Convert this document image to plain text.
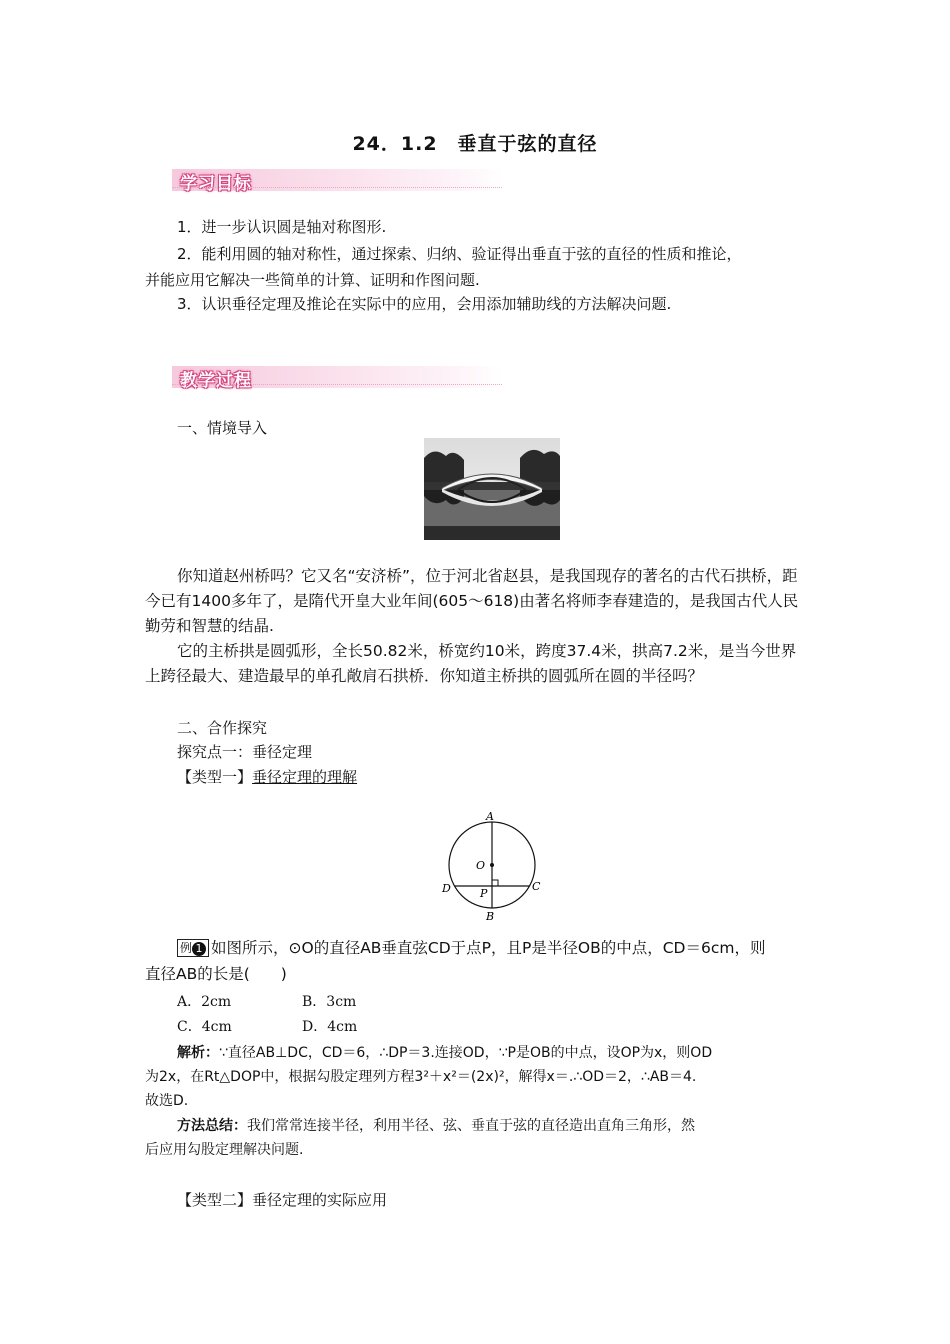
24．1.2　垂直于弦的直径
学习目标
1．进一步认识圆是轴对称图形.
2．能利用圆的轴对称性，通过探索、归纳、验证得出垂直于弦的直径的性质和推论，
并能应用它解决一些简单的计算、证明和作图问题.
3．认识垂径定理及推论在实际中的应用，会用添加辅助线的方法解决问题.
教学过程
一、情境导入
你知道赵州桥吗？它又名“安济桥”，位于河北省赵县，是我国现存的著名的古代石拱桥，距今已有1400多年了，是隋代开皇大业年间(605～618)由著名将师李春建造的，是我国古代人民勤劳和智慧的结晶.
它的主桥拱是圆弧形，全长50.82米，桥宽约10米，跨度37.4米，拱高7.2米，是当今世界上跨径最大、建造最早的单孔敞肩石拱桥．你知道主桥拱的圆弧所在圆的半径吗？
二、合作探究
探究点一：垂径定理
【类型一】垂径定理的理解
A
O
D	P
C
B
例 1 如图所示，⊙O的直径AB垂直弦CD于点P，且P是半径OB的中点，CD＝6cm，则
直径AB的长是(　　)
A．2cm	B．3cm
C．4cm	D．4cm
解析：∵直径AB⊥DC，CD＝6，∴DP＝3.连接OD，∵P是OB的中点，设OP为x，则OD
为2x，在Rt△DOP中，根据勾股定理列方程3²＋x²＝(2x)²，解得x＝.∴OD＝2，∴AB＝4.
故选D.
方法总结：我们常常连接半径，利用半径、弦、垂直于弦的直径造出直角三角形，然
后应用勾股定理解决问题.
【类型二】垂径定理的实际应用
